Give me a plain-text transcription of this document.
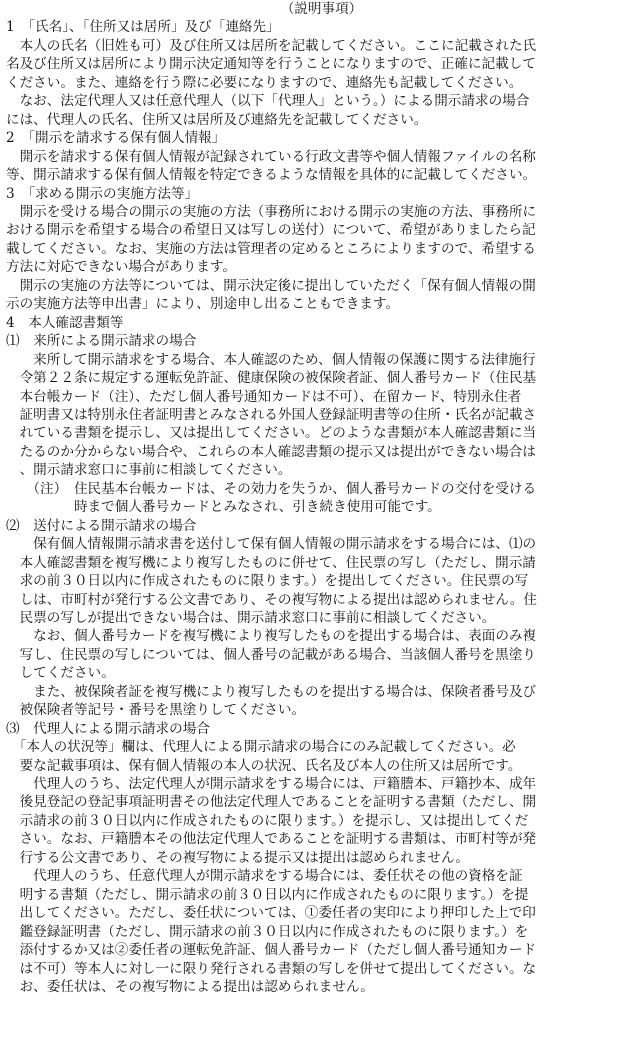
（説明事項）

1　「氏名」、「住所又は居所」及び「連絡先」

　本人の氏名（旧姓も可）及び住所又は居所を記載してください。ここに記載された氏

名及び住所又は居所により開示決定通知等を行うことになりますので、正確に記載して

ください。また、連絡を行う際に必要になりますので、連絡先も記載してください。

　なお、法定代理人又は任意代理人（以下「代理人」という。）による開示請求の場合

には、代理人の氏名、住所又は居所及び連絡先を記載してください。

2　「開示を請求する保有個人情報」

　開示を請求する保有個人情報が記録されている行政文書等や個人情報ファイルの名称

等、開示請求する保有個人情報を特定できるような情報を具体的に記載してください。

3　「求める開示の実施方法等」

　開示を受ける場合の開示の実施の方法（事務所における開示の実施の方法、事務所に

おける開示を希望する場合の希望日又は写しの送付）について、希望がありましたら記

載してください。なお、実施の方法は管理者の定めるところによりますので、希望する

方法に対応できない場合があります。

　開示の実施の方法等については、開示決定後に提出していただく「保有個人情報の開

示の実施方法等申出書」により、別途申し出ることもできます。

4　本人確認書類等

⑴　来所による開示請求の場合

　　来所して開示請求をする場合、本人確認のため、個人情報の保護に関する法律施行

　令第２２条に規定する運転免許証、健康保険の被保険者証、個人番号カード（住民基

　本台帳カード（注）、ただし個人番号通知カードは不可）、在留カード、特別永住者

　証明書又は特別永住者証明書とみなされる外国人登録証明書等の住所・氏名が記載さ

　れている書類を提示し、又は提出してください。どのような書類が本人確認書類に当

　たるのか分からない場合や、これらの本人確認書類の提示又は提出ができない場合は

　、開示請求窓口に事前に相談してください。

　　（注）　住民基本台帳カードは、その効力を失うか、個人番号カードの交付を受ける

　　　　　時まで個人番号カードとみなされ、引き続き使用可能です。

⑵　送付による開示請求の場合

　　保有個人情報開示請求書を送付して保有個人情報の開示請求をする場合には、⑴の

　本人確認書類を複写機により複写したものに併せて、住民票の写し（ただし、開示請

　求の前３０日以内に作成されたものに限ります。）を提出してください。住民票の写

　しは、市町村が発行する公文書であり、その複写物による提出は認められません。住

　民票の写しが提出できない場合は、開示請求窓口に事前に相談してください。

　　なお、個人番号カードを複写機により複写したものを提出する場合は、表面のみ複

　写し、住民票の写しについては、個人番号の記載がある場合、当該個人番号を黒塗り

　してください。

　　また、被保険者証を複写機により複写したものを提出する場合は、保険者番号及び

　被保険者等記号・番号を黒塗りしてください。

⑶　代理人による開示請求の場合

　「本人の状況等」欄は、代理人による開示請求の場合にのみ記載してください。必

　要な記載事項は、保有個人情報の本人の状況、氏名及び本人の住所又は居所です。

　　代理人のうち、法定代理人が開示請求をする場合には、戸籍謄本、戸籍抄本、成年

　後見登記の登記事項証明書その他法定代理人であることを証明する書類（ただし、開

　示請求の前３０日以内に作成されたものに限ります。）を提示し、又は提出してくだ

　さい。なお、戸籍謄本その他法定代理人であることを証明する書類は、市町村等が発

　行する公文書であり、その複写物による提示又は提出は認められません。

　　代理人のうち、任意代理人が開示請求をする場合には、委任状その他の資格を証

　明する書類（ただし、開示請求の前３０日以内に作成されたものに限ります。）を提

　出してください。ただし、委任状については、①委任者の実印により押印した上で印

　鑑登録証明書（ただし、開示請求の前３０日以内に作成されたものに限ります。）を

　添付するか又は②委任者の運転免許証、個人番号カード（ただし個人番号通知カード

　は不可）等本人に対し一に限り発行される書類の写しを併せて提出してください。な

　お、委任状は、その複写物による提出は認められません。
